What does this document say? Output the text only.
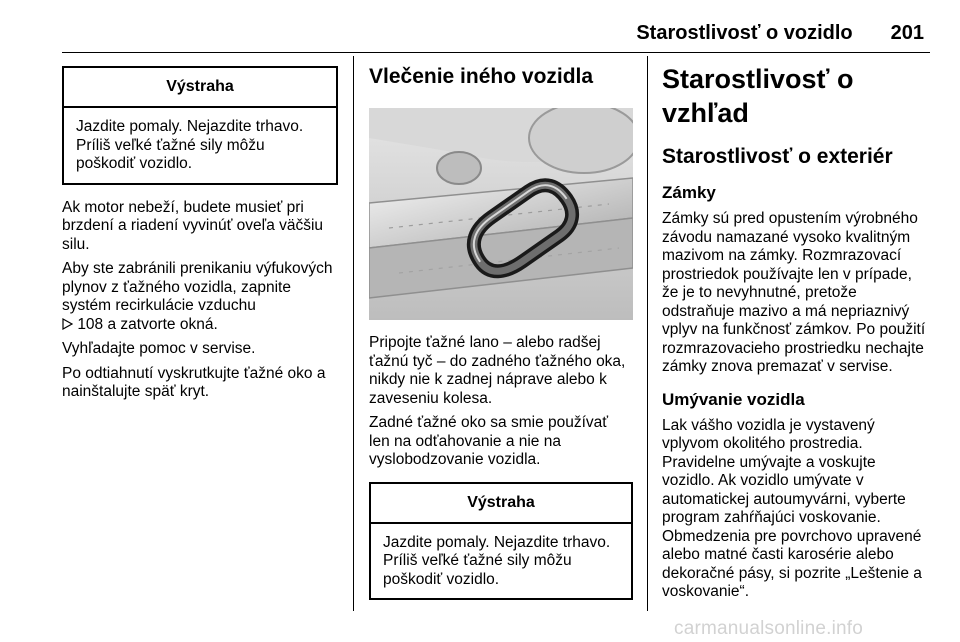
Starostlivosť o vozidlo 201
Výstraha
Jazdite pomaly. Nejazdite trhavo. Príliš veľké ťažné sily môžu poškodiť vozidlo.

Ak motor nebeží, budete musieť pri brzdení a riadení vyvinúť oveľa väčšiu silu.

Aby ste zabránili prenikaniu výfukových plynov z ťažného vozidla, zapnite systém recirkulácie vzduchu
108 a zatvorte okná.

Vyhľadajte pomoc v servise.

Po odtiahnutí vyskrutkujte ťažné oko a nainštalujte späť kryt.

Vlečenie iného vozidla

Pripojte ťažné lano – alebo radšej ťažnú tyč – do zadného ťažného oka, nikdy nie k zadnej náprave alebo k zaveseniu kolesa.

Zadné ťažné oko sa smie používať len na odťahovanie a nie na vyslobodzovanie vozidla.

Výstraha
Jazdite pomaly. Nejazdite trhavo. Príliš veľké ťažné sily môžu poškodiť vozidlo.
Starostlivosť o vzhľad
Starostlivosť o exteriér
Zámky

Zámky sú pred opustením výrobného závodu namazané vysoko kvalitným mazivom na zámky. Rozmrazovací prostriedok používajte len v prípade, že je to nevyhnutné, pretože odstraňuje mazivo a má nepriaznivý vplyv na funkčnosť zámkov. Po použití rozmrazovacieho prostriedku nechajte zámky znova premazať v servise.

Umývanie vozidla

Lak vášho vozidla je vystavený vplyvom okolitého prostredia. Pravidelne umývajte a voskujte vozidlo. Ak vozidlo umývate v automatickej autoumyvárni, vyberte program zahŕňajúci voskovanie. Obmedzenia pre povrchovo upravené alebo matné časti karosérie alebo dekoračné pásy, si pozrite „Leštenie a voskovanie“.

carmanualsonline.info
